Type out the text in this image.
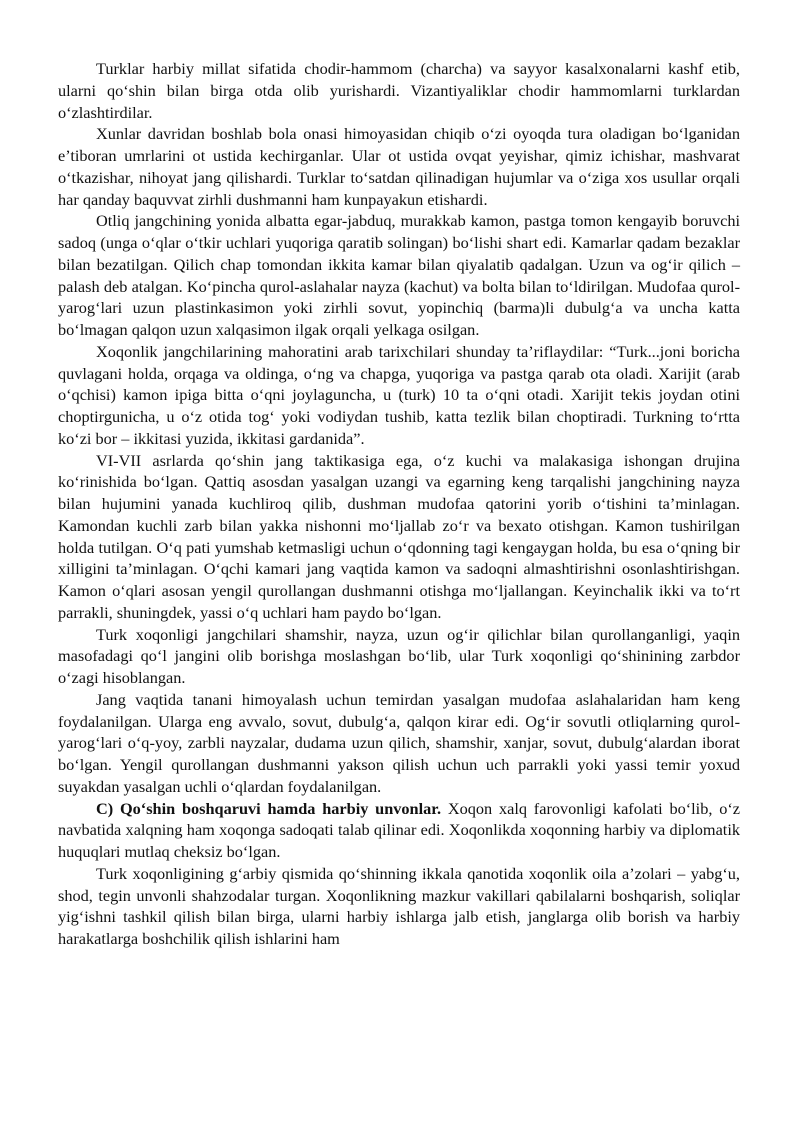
Turklar harbiy millat sifatida chodir-hammom (charcha) va sayyor kasalxonalarni kashf etib, ularni qo‘shin bilan birga otda olib yurishardi. Vizantiyaliklar chodir hammomlarni turklardan o‘zlashtirdilar.

Xunlar davridan boshlab bola onasi himoyasidan chiqib o‘zi oyoqda tura oladigan bo‘lganidan e’tiboran umrlarini ot ustida kechirganlar. Ular ot ustida ovqat yeyishar, qimiz ichishar, mashvarat o‘tkazishar, nihoyat jang qilishardi. Turklar to‘satdan qilinadigan hujumlar va o‘ziga xos usullar orqali har qanday baquvvat zirhli dushmanni ham kunpayakun etishardi.

Otliq jangchining yonida albatta egar-jabduq, murakkab kamon, pastga tomon kengayib boruvchi sadoq (unga o‘qlar o‘tkir uchlari yuqoriga qaratib solingan) bo‘lishi shart edi. Kamarlar qadam bezaklar bilan bezatilgan. Qilich chap tomondan ikkita kamar bilan qiyalatib qadalgan. Uzun va og‘ir qilich – palash deb atalgan. Ko‘pincha qurol-aslahalar nayza (kachut) va bolta bilan to‘ldirilgan. Mudofaa qurol-yarog‘lari uzun plastinkasimon yoki zirhli sovut, yopinchiq (barma)li dubulg‘a va uncha katta bo‘lmagan qalqon uzun xalqasimon ilgak orqali yelkaga osilgan.

Xoqonlik jangchilarining mahoratini arab tarixchilari shunday ta’riflaydilar: “Turk...joni boricha quvlagani holda, orqaga va oldinga, o‘ng va chapga, yuqoriga va pastga qarab ota oladi. Xarijit (arab o‘qchisi) kamon ipiga bitta o‘qni joylaguncha, u (turk) 10 ta o‘qni otadi. Xarijit tekis joydan otini choptirgunicha, u o‘z otida tog‘ yoki vodiydan tushib, katta tezlik bilan choptiradi. Turkning to‘rtta ko‘zi bor – ikkitasi yuzida, ikkitasi gardanida”.

VI-VII asrlarda qo‘shin jang taktikasiga ega, o‘z kuchi va malakasiga ishongan drujina ko‘rinishida bo‘lgan. Qattiq asosdan yasalgan uzangi va egarning keng tarqalishi jangchining nayza bilan hujumini yanada kuchliroq qilib, dushman mudofaa qatorini yorib o‘tishini ta’minlagan. Kamondan kuchli zarb bilan yakka nishonni mo‘ljallab zo‘r va bexato otishgan. Kamon tushirilgan holda tutilgan. O‘q pati yumshab ketmasligi uchun o‘qdonning tagi kengaygan holda, bu esa o‘qning bir xilligini ta’minlagan. O‘qchi kamari jang vaqtida kamon va sadoqni almashtirishni osonlashtirishgan. Kamon o‘qlari asosan yengil qurollangan dushmanni otishga mo‘ljallangan. Keyinchalik ikki va to‘rt parrakli, shuningdek, yassi o‘q uchlari ham paydo bo‘lgan.

Turk xoqonligi jangchilari shamshir, nayza, uzun og‘ir qilichlar bilan qurollanganligi, yaqin masofadagi qo‘l jangini olib borishga moslashgan bo‘lib, ular Turk xoqonligi qo‘shinining zarbdor o‘zagi hisoblangan.

Jang vaqtida tanani himoyalash uchun temirdan yasalgan mudofaa aslahalaridan ham keng foydalanilgan. Ularga eng avvalo, sovut, dubulg‘a, qalqon kirar edi. Og‘ir sovutli otliqlarning qurol-yarog‘lari o‘q-yoy, zarbli nayzalar, dudama uzun qilich, shamshir, xanjar, sovut, dubulg‘alardan iborat bo‘lgan. Yengil qurollangan dushmanni yakson qilish uchun uch parrakli yoki yassi temir yoxud suyakdan yasalgan uchli o‘qlardan foydalanilgan.

C) Qo‘shin boshqaruvi hamda harbiy unvonlar. Xoqon xalq farovonligi kafolati bo‘lib, o‘z navbatida xalqning ham xoqonga sadoqati talab qilinar edi. Xoqonlikda xoqonning harbiy va diplomatik huquqlari mutlaq cheksiz bo‘lgan.

Turk xoqonligining g‘arbiy qismida qo‘shinning ikkala qanotida xoqonlik oila a’zolari – yabg‘u, shod, tegin unvonli shahzodalar turgan. Xoqonlikning mazkur vakillari qabilalarni boshqarish, soliqlar yig‘ishni tashkil qilish bilan birga, ularni harbiy ishlarga jalb etish, janglarga olib borish va harbiy harakatlarga boshchilik qilish ishlarini ham
